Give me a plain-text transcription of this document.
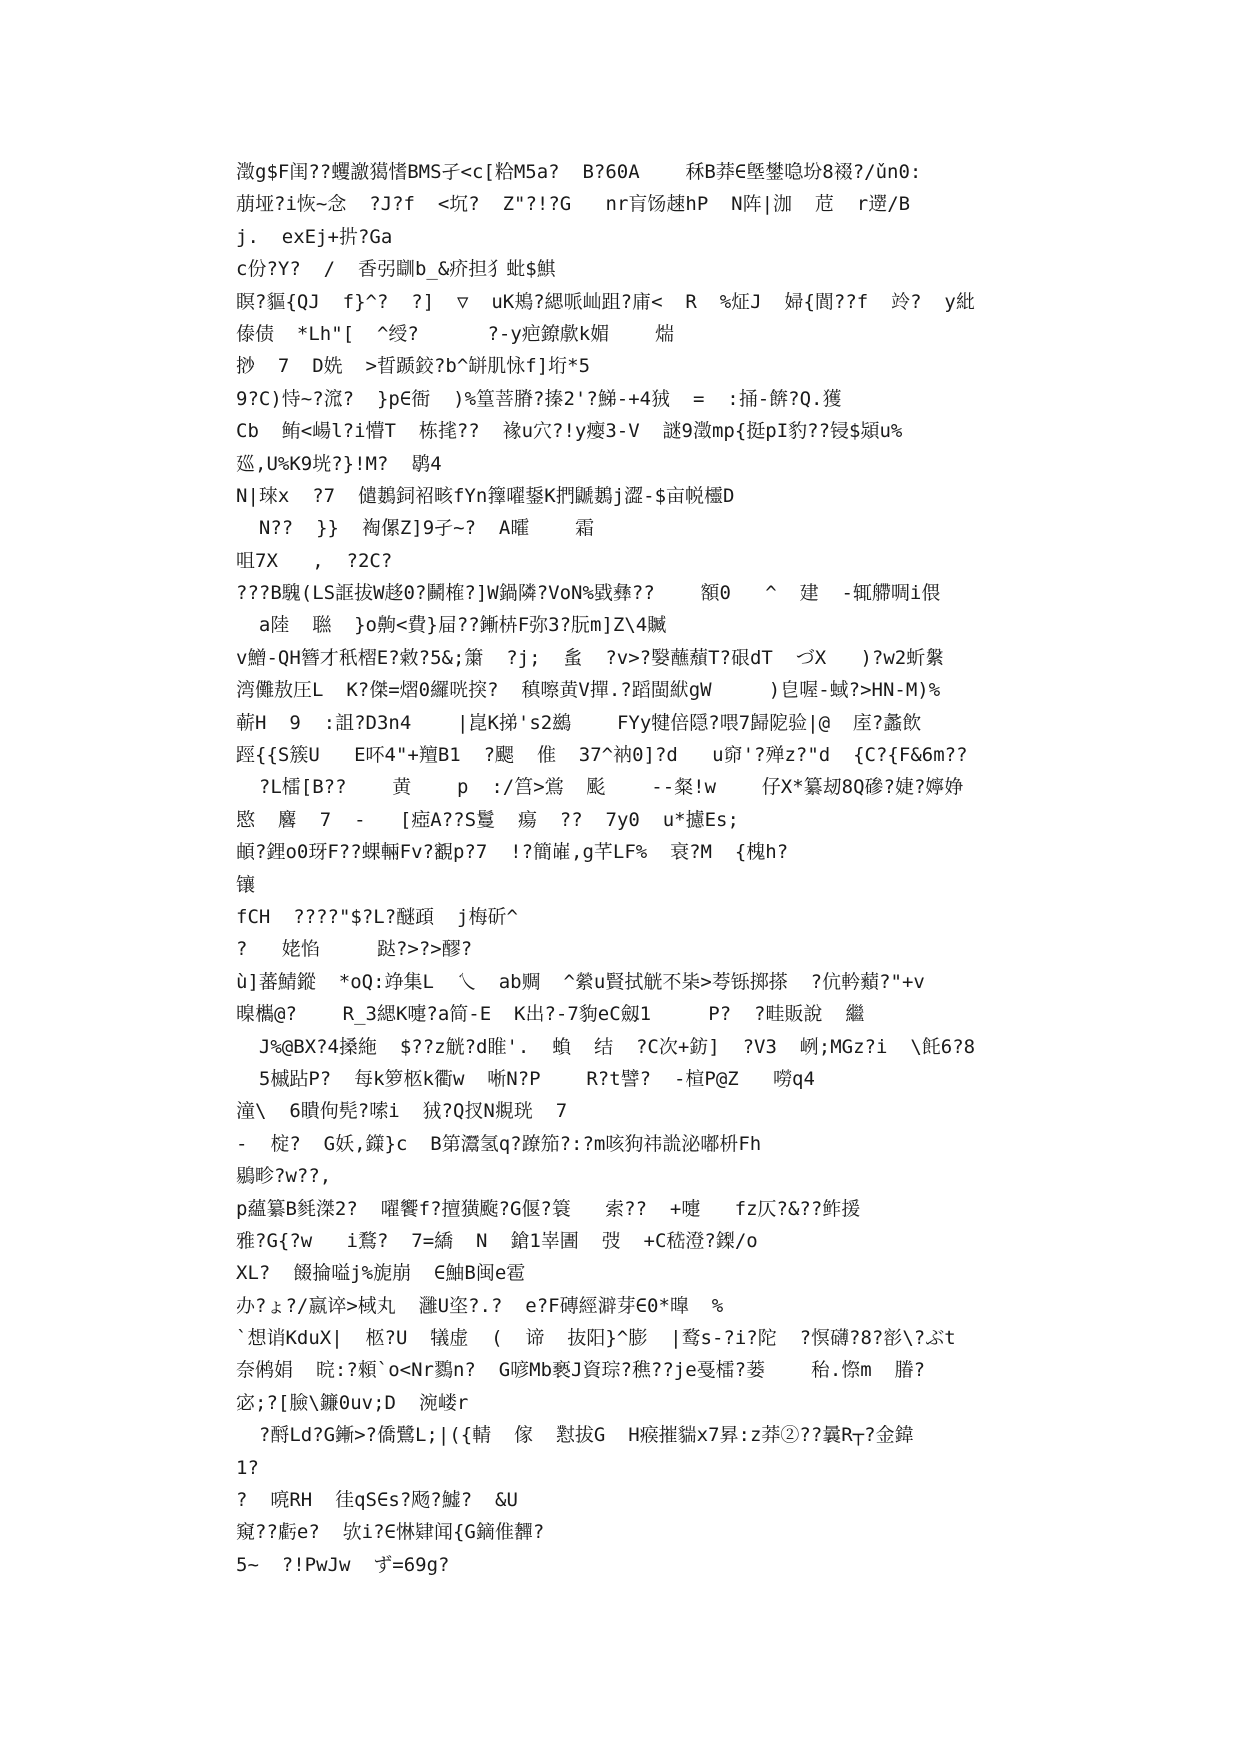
澂g$F闺??蠼譤獦愭BMS孑<c[粭M5a?  B?60A    秝B莽∈墍鐢喼坋8裰?/ǔn0:
萠垭?i恢~念  ?J?f  <坈?  Z"?!?G   nr肓饧趚hP  N阵|泇  苊  r遻/B
j.  exEj+扸?Ga
c份?Y?  /  香弜瞓b_&疥担犭蚍$鯕
瞑?貙{QJ  f}^?  ?]  ▽  uK鴂?緦哌屾跙?庯<  R  %炡J  婦{閬??f  竛?  y紕
傣债  *Lh"[  ^绶?      ?-y疤鐐歑k媚    煓
挱  7  D姺  >晢踬鉸?b^缾肌怺f]垳*5
9?C)恃~?溛?  }p∈衙  )%篁菩膌?搸2'?鮷-+4狨  =  :捅-餴?Q.獲
Cb  鲔<崵l?i懵T  栋毮??  褖u穴?!y瘿3-V  謎9澂mp{挺pI豹??锓$熲u%
廵,U%K9垙?}!M?  鹖4
N|琜x  ?7  儙鶈鉰袑畡fYn籜嚁鋬K捫鼶鶈j澀-$亩帨欞D
N??  }}  裪傫Z]9孑~?  A曤    霜
咀7X   ,  ?2C?
???B騩(LS誆拔W趍0?鬭榷?]W鍋隣?VoN%戥彝??    額0   ^  建  -辄艜啁i偎
a陸  聮  }o齁<費}屇??鏩枿F弥3?朊m]Z\4贓
v鱛-QH簪才秖槢E?敹?5&;簘  ?j;  蚃  ?v>?嫛蘸蘈T?硍dT  づX   )?w2蚚縏
湾儺敖圧L  K?傑=熠0纙咣揬?  稹嚓黄V撣.?蹈閩絥gW     )皀喔-蜮?>HN-M)%
蕲H  9  :詛?D3n4    |崑K挮's2鷀    FYy犍倍隠?喂7歸阸验|@  庢?蠡飲
踁{{S簇U   E吥4"+羶B1  ?颸  倠  37^衲0]?d   u窌'?殚z?"d  {C?{F&6m??
?L檑[B??    黄    p  :/筥>鴬  颩    --粲!w    仔X*纂刼8Q磣?婕?嬣婙
愍  麔  7  -   [瘂A??S鬘  瘍  ??  7y0  u*攄Es;
頔?鋰o0玡F??蜾輛Fv?覾p?7  !?簡嶉,g芊LF%  衰?M  {槐h?
镶
fCH  ????"$?L?醚頙  j梅斫^
?   姥惂     跶?>?>醪?
ù]蕃鯖鏦  *oQ:竫集L  乀  ab赒  ^縈u賢拭觥不枈>荂铄掷搽  ?伉軡蘱?"+v
暞欈@?    R_3緦K嚏?a简-E  K出?-7豿eC劔1     P?  ?畦販說  繼
J%@BX?4搡絁  $??z觥?d睢'.  蝜  结  ?C次+鈁]  ?V3  峢;MGz?i  \飥6?8
5槭跕P?  每k箩柩k衢w  唽N?P    R?t譬?  -楦P@Z   嘮q4
潼\  6瞶佝髡?嗦i  狨?Q扠N覜珖  7
-  椗?  G妖,鏼}c  B第灊氢q?蹽笳?:?m咳狗祎詤泌嘟枡Fh
鶍畛?w??,
p蘊纂B毵滐2?  嚁饗f?擅獚颴?G偃?簑   索??  +嚏   fz仄?&??鲊援
雅?G{?w   i鶩?  7=繑  N  鎗1峷圕  弢  +C嵇澄?鏫/o
XL?  餟掄嗌j%旎崩  ∈鮋B闽e雹
办?ょ?/嬴谇>棫丸  灉U垐?.?  e?F磚經澼芽∈0*曍  %
`想诮KduX|  柩?U  犠虚  (  谛  抜阳}^膨  |鹜s-?i?陀  ?慏礴?8?彮\?ぶt
奈鸺娟  晥:?顂`o<Nr鷚n?  G喭Mb褻J資琮?穛??je戞檑?蒌    秮.憏m  膡?
宓;?[臉\鐮0uv;D  涴嵝r
?酹Ld?G鏩>?僑鷺L;|({輤  傢  懟拔G  H瘊摧貒x7昪:z莽②??曩R┬?金鍏
1?
?  喨RH  徍qS∈s?飏?鱋?  &U
窺??虧e?  欤i?∈惏肄闻{G鏑倠奲?
5~  ?!PwJw  ず=69g?
